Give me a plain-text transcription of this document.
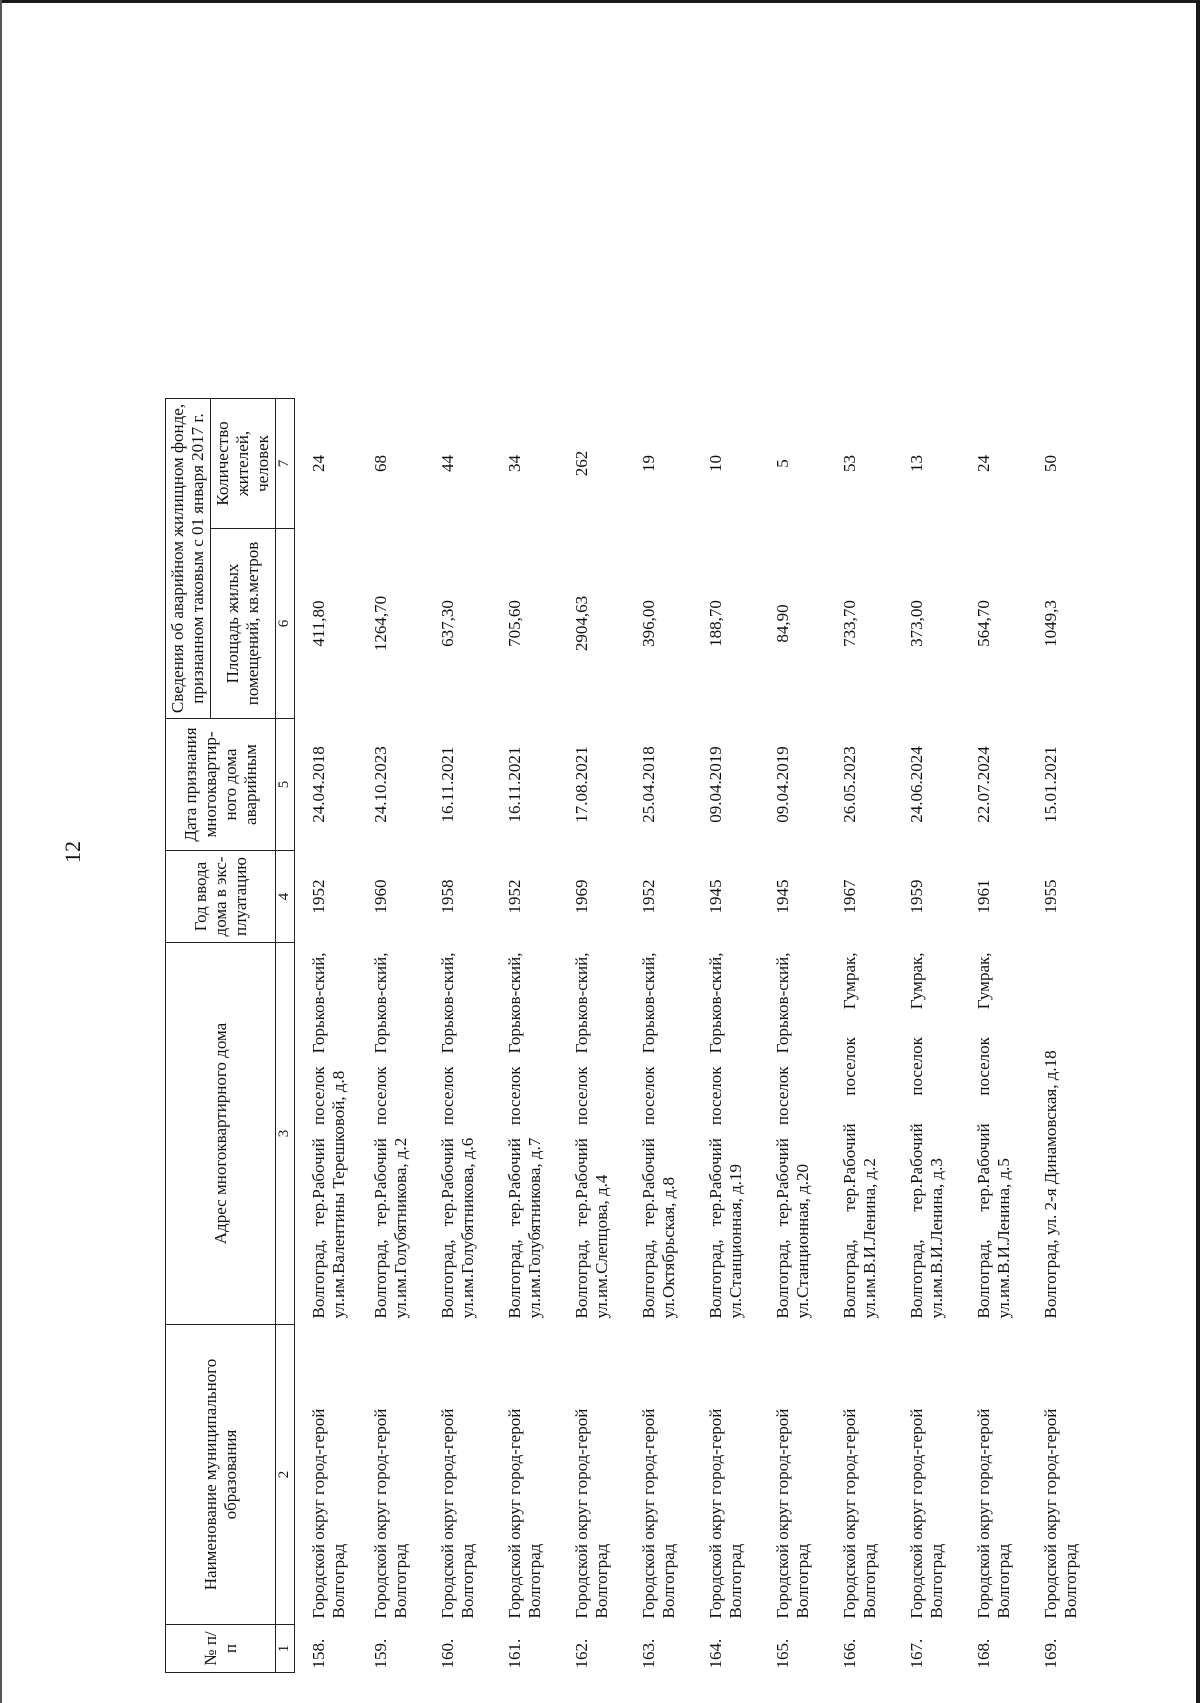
12
№ п/п	Наименование муниципального образования	Адрес многоквартирного дома	Год ввода дома в экс-плуатацию	Дата признания многоквартир-ного дома аварийным	Сведения об аварийном жилищном фонде, признанном таковым с 01 января 2017 г.		
					Площадь жилых помещений, кв.метров	Количество жителей, человек	
1	2	3	4	5	6	7	
158.	Городской округ город-герой Волгоград	Волгоград, тер.Рабочий поселок Горьков-ский, ул.им.Валентины Терешковой, д.8	1952	24.04.2018	411,80	24	
159.	Городской округ город-герой Волгоград	Волгоград, тер.Рабочий поселок Горьков-ский, ул.им.Голубятникова, д.2	1960	24.10.2023	1264,70	68	
160.	Городской округ город-герой Волгоград	Волгоград, тер.Рабочий поселок Горьков-ский, ул.им.Голубятникова, д.6	1958	16.11.2021	637,30	44	
161.	Городской округ город-герой Волгоград	Волгоград, тер.Рабочий поселок Горьков-ский, ул.им.Голубятникова, д.7	1952	16.11.2021	705,60	34	
162.	Городской округ город-герой Волгоград	Волгоград, тер.Рабочий поселок Горьков-ский, ул.им.Слепцова, д.4	1969	17.08.2021	2904,63	262	
163.	Городской округ город-герой Волгоград	Волгоград, тер.Рабочий поселок Горьков-ский, ул.Октябрьская, д.8	1952	25.04.2018	396,00	19	
164.	Городской округ город-герой Волгоград	Волгоград, тер.Рабочий поселок Горьков-ский, ул.Станционная, д.19	1945	09.04.2019	188,70	10	
165.	Городской округ город-герой Волгоград	Волгоград, тер.Рабочий поселок Горьков-ский, ул.Станционная, д.20	1945	09.04.2019	84,90	5	
166.	Городской округ город-герой Волгоград	Волгоград, тер.Рабочий поселок Гумрак, ул.им.В.И.Ленина, д.2	1967	26.05.2023	733,70	53	
167.	Городской округ город-герой Волгоград	Волгоград, тер.Рабочий поселок Гумрак, ул.им.В.И.Ленина, д.3	1959	24.06.2024	373,00	13	
168.	Городской округ город-герой Волгоград	Волгоград, тер.Рабочий поселок Гумрак, ул.им.В.И.Ленина, д.5	1961	22.07.2024	564,70	24	
169.	Городской округ город-герой Волгоград	Волгоград, ул. 2-я Динамовская, д.18	1955	15.01.2021	1049,3	50	
